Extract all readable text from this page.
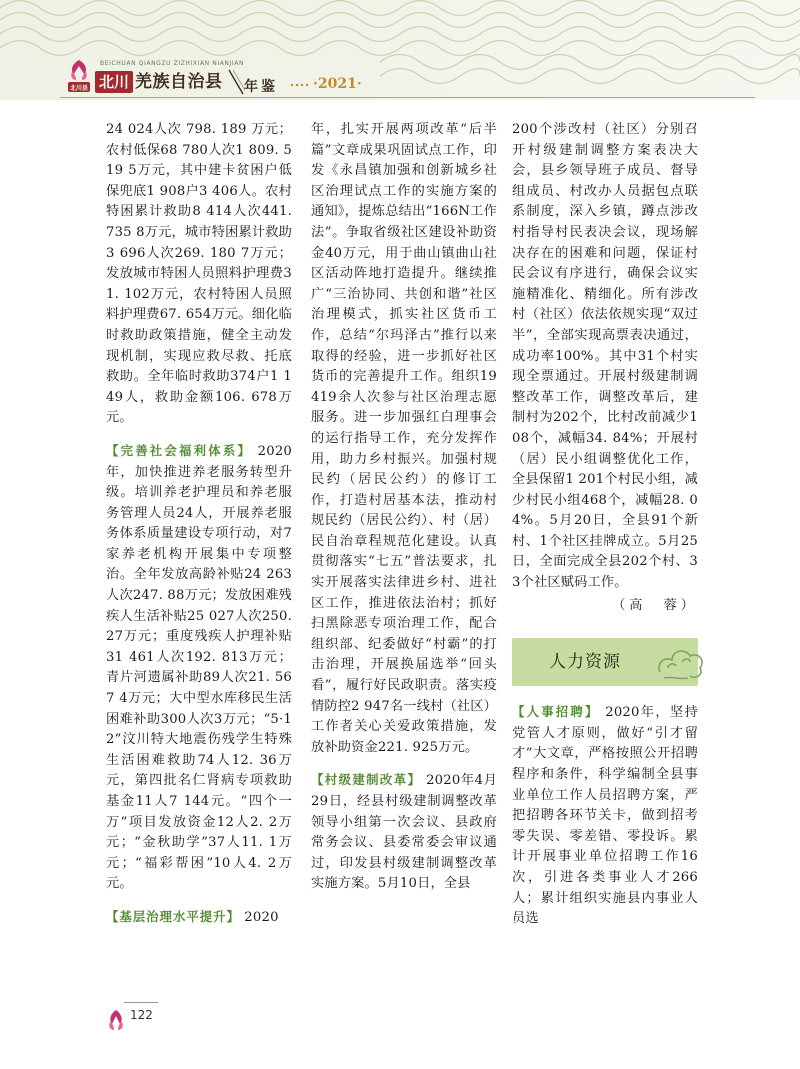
北川县
BEICHUAN QIANGZU ZIZHIXIAN NIANJIAN
北川 羌族自治县 年鉴	·2021·

24 024人次 798. 189 万元；农村低保68 780人次1 809. 519 5万元，其中建卡贫困户低保兜底1 908户3 406人。农村特困累计救助8 414人次441. 735 8万元，城市特困累计救助3 696人次269. 180 7万元；发放城市特困人员照料护理费31. 102万元，农村特困人员照料护理费67. 654万元。细化临时救助政策措施，健全主动发现机制，实现应救尽救、托底救助。全年临时救助374户1 149人，救助金额106. 678万元。

【完善社会福利体系】 2020年，加快推进养老服务转型升级。培训养老护理员和养老服务管理人员24人，开展养老服务体系质量建设专项行动，对7家养老机构开展集中专项整治。全年发放高龄补贴24 263人次247. 88万元；发放困难残疾人生活补贴25 027人次250. 27万元；重度残疾人护理补贴31 461人次192. 813万元；青片河遗属补助89人次21. 567 4万元；大中型水库移民生活困难补助300人次3万元；“5·12”汶川特大地震伤残学生特殊生活困难救助74人12. 36万元，第四批名仁肾病专项救助基金11人7 144元。“四个一万”项目发放资金12人2. 2万元；“金秋助学”37人11. 1万元；“福彩帮困”10人4. 2万元。

【基层治理水平提升】 2020

年，扎实开展两项改革“后半篇”文章成果巩固试点工作，印发《永昌镇加强和创新城乡社区治理试点工作的实施方案的通知》，提炼总结出“166N工作法”。争取省级社区建设补助资金40万元，用于曲山镇曲山社区活动阵地打造提升。继续推广“三治协同、共创和谐”社区治理模式，抓实社区货币工作，总结“尔玛泽古”推行以来取得的经验，进一步抓好社区货币的完善提升工作。组织19 419余人次参与社区治理志愿服务。进一步加强红白理事会的运行指导工作，充分发挥作用，助力乡村振兴。加强村规民约（居民公约）的修订工作，打造村居基本法，推动村规民约（居民公约）、村（居）民自治章程规范化建设。认真贯彻落实“七五”普法要求，扎实开展落实法律进乡村、进社区工作，推进依法治村；抓好扫黑除恶专项治理工作，配合组织部、纪委做好“村霸”的打击治理，开展换届选举“回头看”，履行好民政职责。落实疫情防控2 947名一线村（社区）工作者关心关爱政策措施，发放补助资金221. 925万元。

【村级建制改革】 2020年4月29日，经县村级建制调整改革领导小组第一次会议、县政府常务会议、县委常委会审议通过，印发县村级建制调整改革实施方案。5月10日，全县

200个涉改村（社区）分别召开村级建制调整方案表决大会，县乡领导班子成员、督导组成员、村改办人员据包点联系制度，深入乡镇，蹲点涉改村指导村民表决会议，现场解决存在的困难和问题，保证村民会议有序进行，确保会议实施精准化、精细化。所有涉改村（社区）依法依规实现“双过半”，全部实现高票表决通过，成功率100%。其中31个村实现全票通过。开展村级建制调整改革工作，调整改革后，建制村为202个，比村改前减少108个，减幅34. 84%；开展村（居）民小组调整优化工作，全县保留1 201个村民小组，减少村民小组468个，减幅28. 04%。5月20日，全县91个新村、1个社区挂牌成立。5月25日，全面完成全县202个村、33个社区赋码工作。

（高　蓉）

人力资源

【人事招聘】 2020年，坚持党管人才原则，做好“引才留才”大文章，严格按照公开招聘程序和条件，科学编制全县事业单位工作人员招聘方案，严把招聘各环节关卡，做到招考零失误、零差错、零投诉。累计开展事业单位招聘工作16次，引进各类事业人才266人；累计组织实施县内事业人员选

122
